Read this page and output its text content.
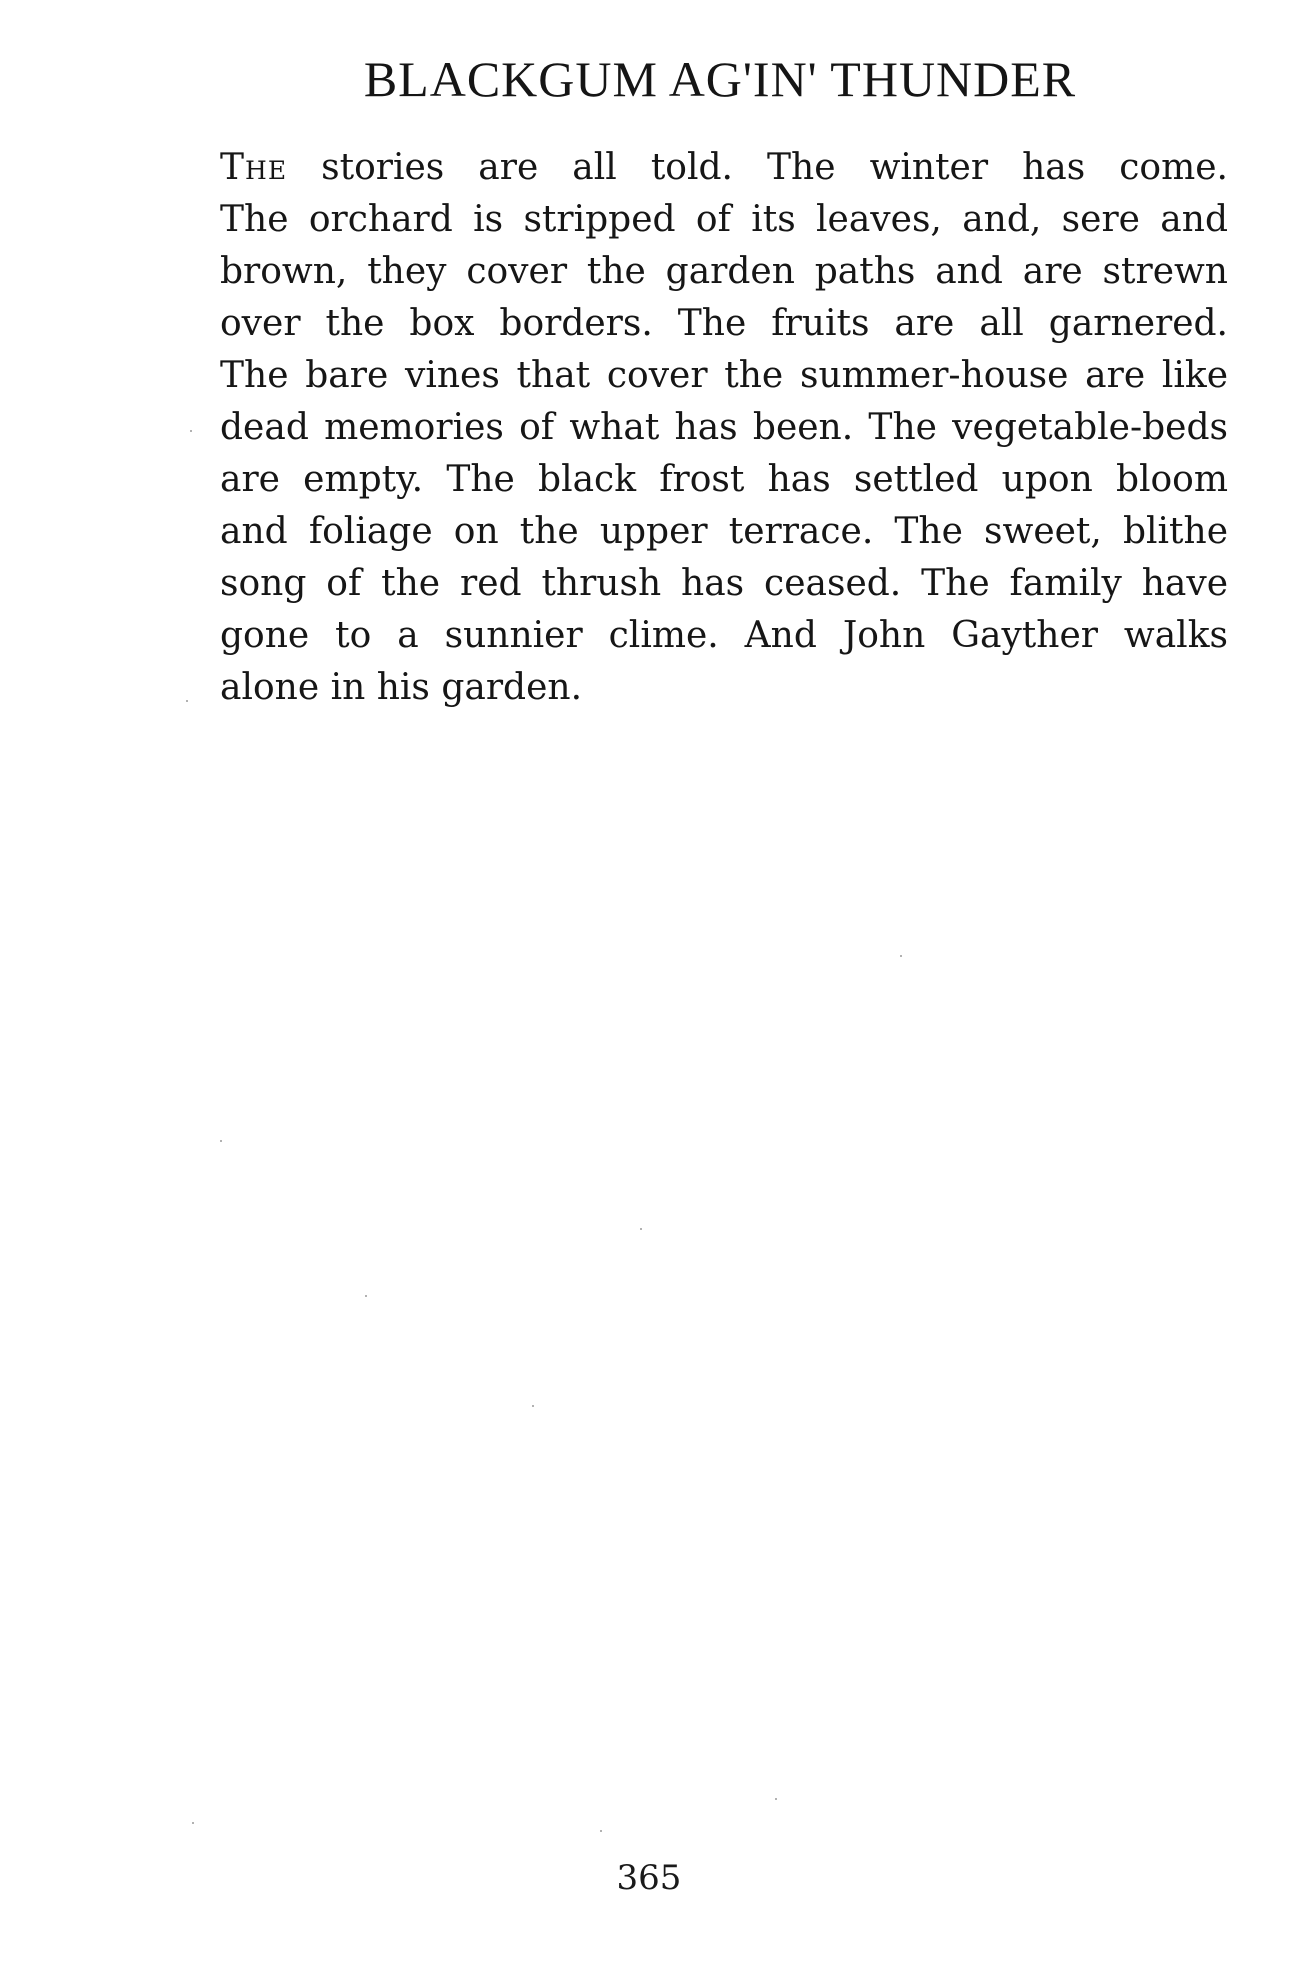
BLACKGUM AG'IN' THUNDER
The stories are all told. The winter has come.
The orchard is stripped of its leaves, and, sere and
brown, they cover the garden paths and are strewn
over the box borders. The fruits are all garnered.
The bare vines that cover the summer-house are like
dead memories of what has been. The vegetable-beds
are empty. The black frost has settled upon bloom
and foliage on the upper terrace. The sweet, blithe
song of the red thrush has ceased. The family have
gone to a sunnier clime. And John Gayther walks
alone in his garden.
365
